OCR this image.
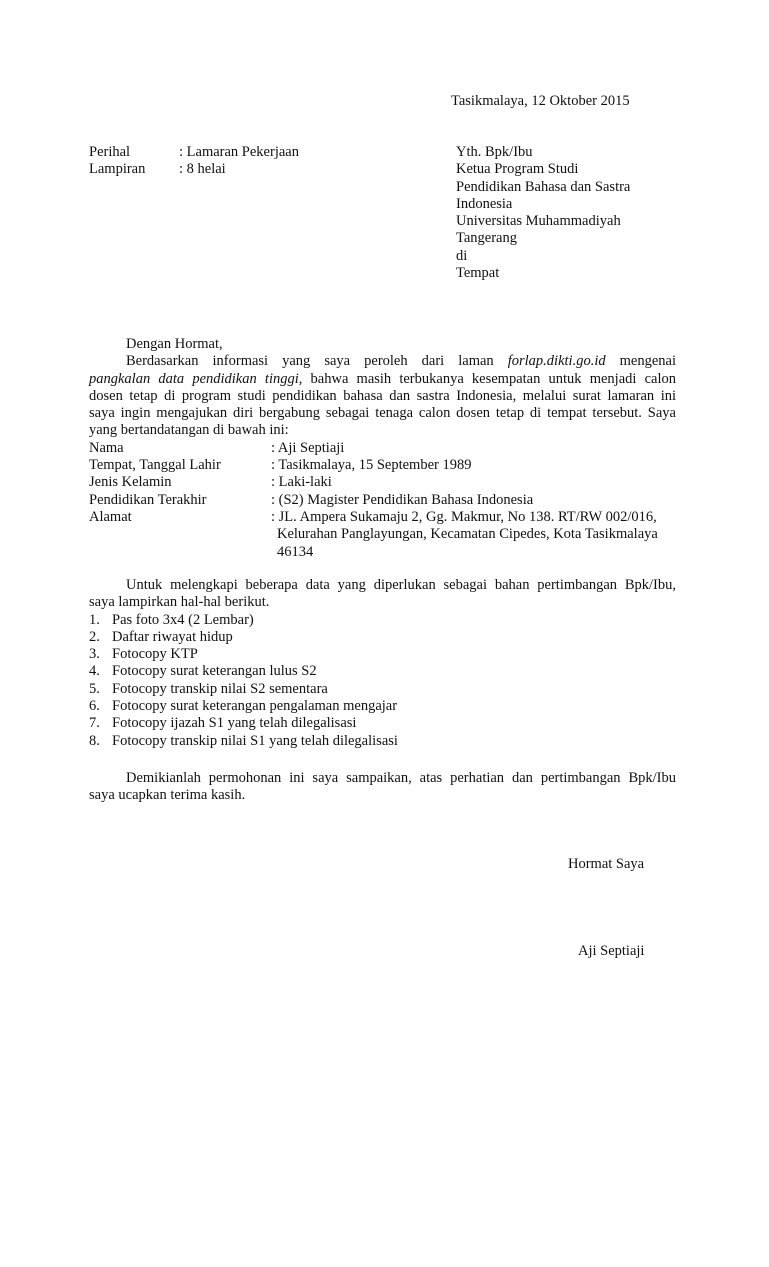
Tasikmalaya, 12 Oktober 2015
Perihal	: Lamaran Pekerjaan
Lampiran : 8 helai
Yth. Bpk/Ibu
Ketua Program Studi
Pendidikan Bahasa dan Sastra
Indonesia
Universitas Muhammadiyah
Tangerang
di
Tempat
Dengan Hormat,
Berdasarkan informasi yang saya peroleh dari laman forlap.dikti.go.id mengenai
pangkalan data pendidikan tinggi, bahwa masih terbukanya kesempatan untuk menjadi calon
dosen tetap di program studi pendidikan bahasa dan sastra Indonesia, melalui surat lamaran ini
saya ingin mengajukan diri bergabung sebagai tenaga calon dosen tetap di tempat tersebut. Saya
yang bertandatangan di bawah ini:
Nama	: Aji Septiaji
Tempat, Tanggal Lahir	: Tasikmalaya, 15 September 1989
Jenis Kelamin	: Laki-laki
Pendidikan Terakhir	: (S2) Magister Pendidikan Bahasa Indonesia
Alamat	: JL. Ampera Sukamaju 2, Gg. Makmur, No 138. RT/RW 002/016,
Kelurahan Panglayungan, Kecamatan Cipedes, Kota Tasikmalaya
46134
Untuk melengkapi beberapa data yang diperlukan sebagai bahan pertimbangan Bpk/Ibu,
saya lampirkan hal-hal berikut.
1. Pas foto 3x4 (2 Lembar)
2. Daftar riwayat hidup
3. Fotocopy KTP
4. Fotocopy surat keterangan lulus S2
5. Fotocopy transkip nilai S2 sementara
6. Fotocopy surat keterangan pengalaman mengajar
7. Fotocopy ijazah S1 yang telah dilegalisasi
8. Fotocopy transkip nilai S1 yang telah dilegalisasi
Demikianlah permohonan ini saya sampaikan, atas perhatian dan pertimbangan Bpk/Ibu
saya ucapkan terima kasih.
Hormat Saya
Aji Septiaji
